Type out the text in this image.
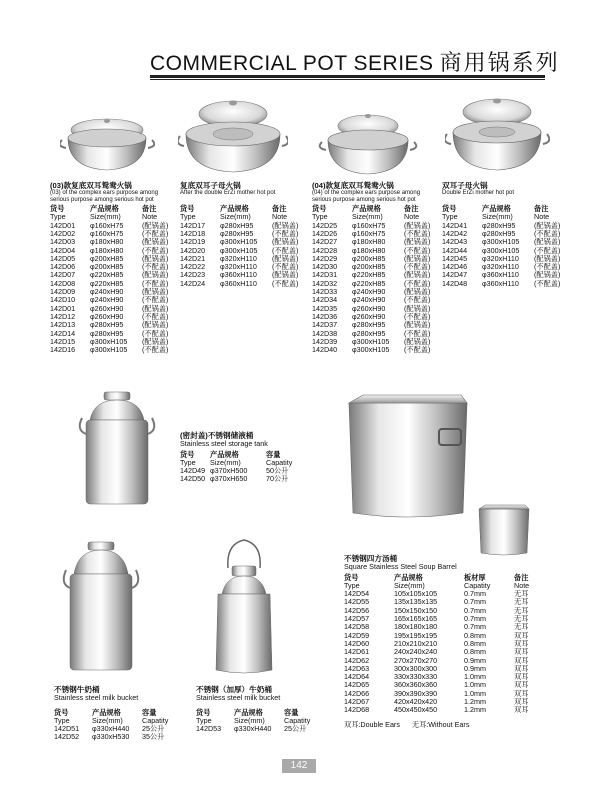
COMMERCIAL POT SERIES 商用锅系列
(03)款复底双耳鸳鸯火锅
(03) of the complex ears purpose among
serious purpose among serious hot pot
货号	产品规格	备注
Type	Size(mm)	Note
142D01	φ160xH75	(配锅盖)
142D02	φ160xH75	(不配盖)
142D03	φ180xH80	(配锅盖)
142D04	φ180xH80	(不配盖)
142D05	φ200xH85	(配锅盖)
142D06	φ200xH85	(不配盖)
142D07	φ220xH85	(配锅盖)
142D08	φ220xH85	(不配盖)
142D09	φ240xH90	(配锅盖)
142D10	φ240xH90	(不配盖)
142D01	φ260xH90	(配锅盖)
142D12	φ260xH90	(不配盖)
142D13	φ280xH95	(配锅盖)
142D14	φ280xH95	(不配盖)
142D15	φ300xH105	(配锅盖)
142D16	φ300xH105	(不配盖)
复底双耳子母火锅
After the double ErZi mother hot pot
货号	产品规格	备注
Type	Size(mm)	Note
142D17	φ280xH95	(配锅盖)
142D18	φ280xH95	(不配盖)
142D19	φ300xH105	(配锅盖)
142D20	φ300xH105	(不配盖)
142D21	φ320xH110	(配锅盖)
142D22	φ320xH110	(不配盖)
142D23	φ360xH110	(配锅盖)
142D24	φ360xH110	(不配盖)
(04)款复底双耳鸳鸯火锅
(04) of the complex ears purpose among
serious purpose among serious hot pot
货号	产品规格	备注
Type	Size(mm)	Note
142D25	φ160xH75	(配锅盖)
142D26	φ160xH75	(不配盖)
142D27	φ180xH80	(配锅盖)
142D28	φ180xH80	(不配盖)
142D29	φ200xH85	(配锅盖)
142D30	φ200xH85	(不配盖)
142D31	φ220xH85	(配锅盖)
142D32	φ220xH85	(不配盖)
142D33	φ240xH90	(配锅盖)
142D34	φ240xH90	(不配盖)
142D35	φ260xH90	(配锅盖)
142D36	φ260xH90	(不配盖)
142D37	φ280xH95	(配锅盖)
142D38	φ280xH95	(不配盖)
142D39	φ300xH105	(配锅盖)
142D40	φ300xH105	(不配盖)
双耳子母火锅
Double ErZi mother hot pot
货号	产品规格	备注
Type	Size(mm)	Note
142D41	φ280xH95	(配锅盖)
142D42	φ280xH95	(不配盖)
142D43	φ300xH105	(配锅盖)
142D44	φ300xH105	(不配盖)
142D45	φ320xH110	(配锅盖)
142D46	φ320xH110	(不配盖)
142D47	φ360xH110	(配锅盖)
142D48	φ360xH110	(不配盖)
(密封盖)不锈钢储液桶
Stainless steel storage tank
货号	产品规格	容量
Type	Size(mm)	Capatity
142D49 φ370xH500	50公升
142D50 φ370xH650	70公升
不锈钢四方汤桶
Square Stainless Steel Soup Barrel
货号	产品规格	板材厚	备注
Type	Size(mm)	Capatity	Note
142D54	105x105x105	0.7mm	无耳
142D55	135x135x135	0.7mm	无耳
142D56	150x150x150	0.7mm	无耳
142D57	165x165x165	0.7mm	无耳
142D58	180x180x180	0.7mm	无耳
142D59	195x195x195	0.8mm	双耳
142D60	210x210x210	0.8mm	双耳
142D61	240x240x240	0.8mm	双耳
142D62	270x270x270	0.9mm	双耳
142D63	300x300x300	0.9mm	双耳
142D64	330x330x330	1.0mm	双耳
142D65	360x360x360	1.0mm	双耳
142D66	390x390x390	1.0mm	双耳
142D67	420x420x420	1.2mm	双耳
142D68	450x450x450	1.2mm	双耳
双耳:Double Ears      无耳:Without Ears
不锈钢牛奶桶
Stainless steel milk bucket
货号	产品规格	容量
Type	Size(mm)	Capatity
142D51	φ330xH440	25公升
142D52	φ330xH530	35公升
不锈钢（加厚）牛奶桶
Stainless steel milk bucket
货号	产品规格	容量
Type	Size(mm)	Capatity
142D53	φ330xH440	25公升
142
